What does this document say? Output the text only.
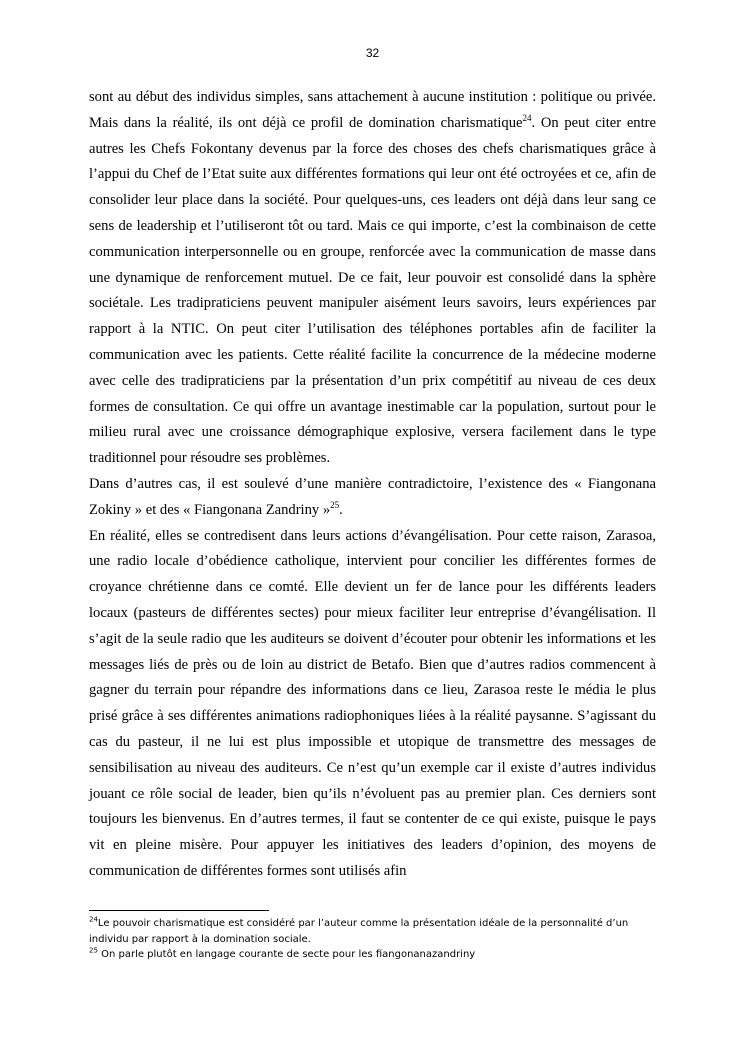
32

sont au début des individus simples, sans attachement à aucune institution : politique ou privée. Mais dans la réalité, ils ont déjà ce profil de domination charismatique$^{24}$. On peut citer entre autres les Chefs Fokontany devenus par la force des choses des chefs charismatiques grâce à l’appui du Chef de l’Etat suite aux différentes formations qui leur ont été octroyées et ce, afin de consolider leur place dans la société. Pour quelques-uns, ces leaders ont déjà dans leur sang ce sens de leadership et l’utiliseront tôt ou tard. Mais ce qui importe, c’est la combinaison de cette communication interpersonnelle ou en groupe, renforcée avec la communication de masse dans une dynamique de renforcement mutuel. De ce fait, leur pouvoir est consolidé dans la sphère sociétale. Les tradipraticiens peuvent manipuler aisément leurs savoirs, leurs expériences par rapport à la NTIC. On peut citer l’utilisation des téléphones portables afin de faciliter la communication avec les patients. Cette réalité facilite la concurrence de la médecine moderne avec celle des tradipraticiens par la présentation d’un prix compétitif au niveau de ces deux formes de consultation. Ce qui offre un avantage inestimable car la population, surtout pour le milieu rural avec une croissance démographique explosive, versera facilement dans le type traditionnel pour résoudre ses problèmes.

Dans d’autres cas, il est soulevé d’une manière contradictoire, l’existence des « Fiangonana Zokiny » et des « Fiangonana Zandriny »$^{25}$.

En réalité, elles se contredisent dans leurs actions d’évangélisation. Pour cette raison, Zarasoa, une radio locale d’obédience catholique, intervient pour concilier les différentes formes de croyance chrétienne dans ce comté. Elle devient un fer de lance pour les différents leaders locaux (pasteurs de différentes sectes) pour mieux faciliter leur entreprise d’évangélisation. Il s’agit de la seule radio que les auditeurs se doivent d’écouter pour obtenir les informations et les messages liés de près ou de loin au district de Betafo. Bien que d’autres radios commencent à gagner du terrain pour répandre des informations dans ce lieu, Zarasoa reste le média le plus prisé grâce à ses différentes animations radiophoniques liées à la réalité paysanne. S’agissant du cas du pasteur, il ne lui est plus impossible et utopique de transmettre des messages de sensibilisation au niveau des auditeurs. Ce n’est qu’un exemple car il existe d’autres individus jouant ce rôle social de leader, bien qu’ils n’évoluent pas au premier plan. Ces derniers sont toujours les bienvenus. En d’autres termes, il faut se contenter de ce qui existe, puisque le pays vit en pleine misère. Pour appuyer les initiatives des leaders d’opinion, des moyens de communication de différentes formes sont utilisés afin

$^{24}$Le pouvoir charismatique est considéré par l’auteur comme la présentation idéale de la personnalité d’un individu par rapport à la domination sociale.

$^{25}$ On parle plutôt en langage courante de secte pour les fiangonanazandriny
